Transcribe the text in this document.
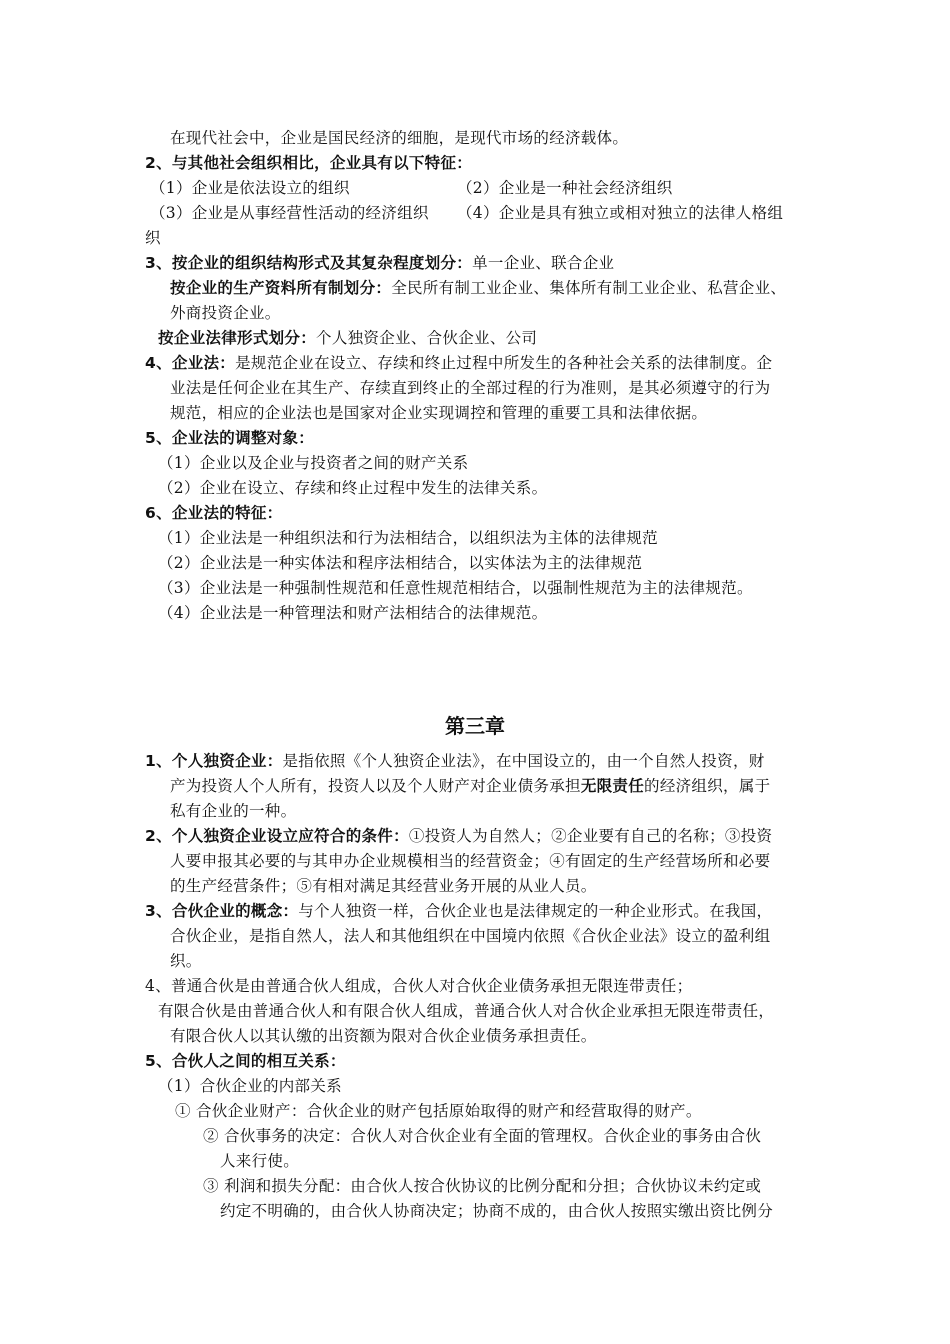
在现代社会中，企业是国民经济的细胞，是现代市场的经济载体。
2、与其他社会组织相比，企业具有以下特征：
（1）企业是依法设立的组织	（2）企业是一种社会经济组织
（3）企业是从事经营性活动的经济组织 （4）企业是具有独立或相对独立的法律人格组
织
3、按企业的组织结构形式及其复杂程度划分：单一企业、联合企业
按企业的生产资料所有制划分：全民所有制工业企业、集体所有制工业企业、私营企业、
外商投资企业。
按企业法律形式划分：个人独资企业、合伙企业、公司
4、企业法：是规范企业在设立、存续和终止过程中所发生的各种社会关系的法律制度。企
业法是任何企业在其生产、存续直到终止的全部过程的行为准则，是其必须遵守的行为
规范，相应的企业法也是国家对企业实现调控和管理的重要工具和法律依据。
5、企业法的调整对象：
（1）企业以及企业与投资者之间的财产关系
（2）企业在设立、存续和终止过程中发生的法律关系。
6、企业法的特征：
（1）企业法是一种组织法和行为法相结合，以组织法为主体的法律规范
（2）企业法是一种实体法和程序法相结合，以实体法为主的法律规范
（3）企业法是一种强制性规范和任意性规范相结合，以强制性规范为主的法律规范。
（4）企业法是一种管理法和财产法相结合的法律规范。
第三章
1、个人独资企业：是指依照《个人独资企业法》，在中国设立的，由一个自然人投资，财
产为投资人个人所有，投资人以及个人财产对企业债务承担无限责任的经济组织，属于
私有企业的一种。
2、个人独资企业设立应符合的条件：①投资人为自然人；②企业要有自己的名称；③投资
人要申报其必要的与其申办企业规模相当的经营资金；④有固定的生产经营场所和必要
的生产经营条件；⑤有相对满足其经营业务开展的从业人员。
3、合伙企业的概念：与个人独资一样，合伙企业也是法律规定的一种企业形式。在我国，
合伙企业，是指自然人，法人和其他组织在中国境内依照《合伙企业法》设立的盈利组
织。
4、普通合伙是由普通合伙人组成，合伙人对合伙企业债务承担无限连带责任；
有限合伙是由普通合伙人和有限合伙人组成，普通合伙人对合伙企业承担无限连带责任，
有限合伙人以其认缴的出资额为限对合伙企业债务承担责任。
5、合伙人之间的相互关系：
（1）合伙企业的内部关系
① 合伙企业财产：合伙企业的财产包括原始取得的财产和经营取得的财产。
② 合伙事务的决定：合伙人对合伙企业有全面的管理权。合伙企业的事务由合伙
人来行使。
③ 利润和损失分配：由合伙人按合伙协议的比例分配和分担；合伙协议未约定或
约定不明确的，由合伙人协商决定；协商不成的，由合伙人按照实缴出资比例分
